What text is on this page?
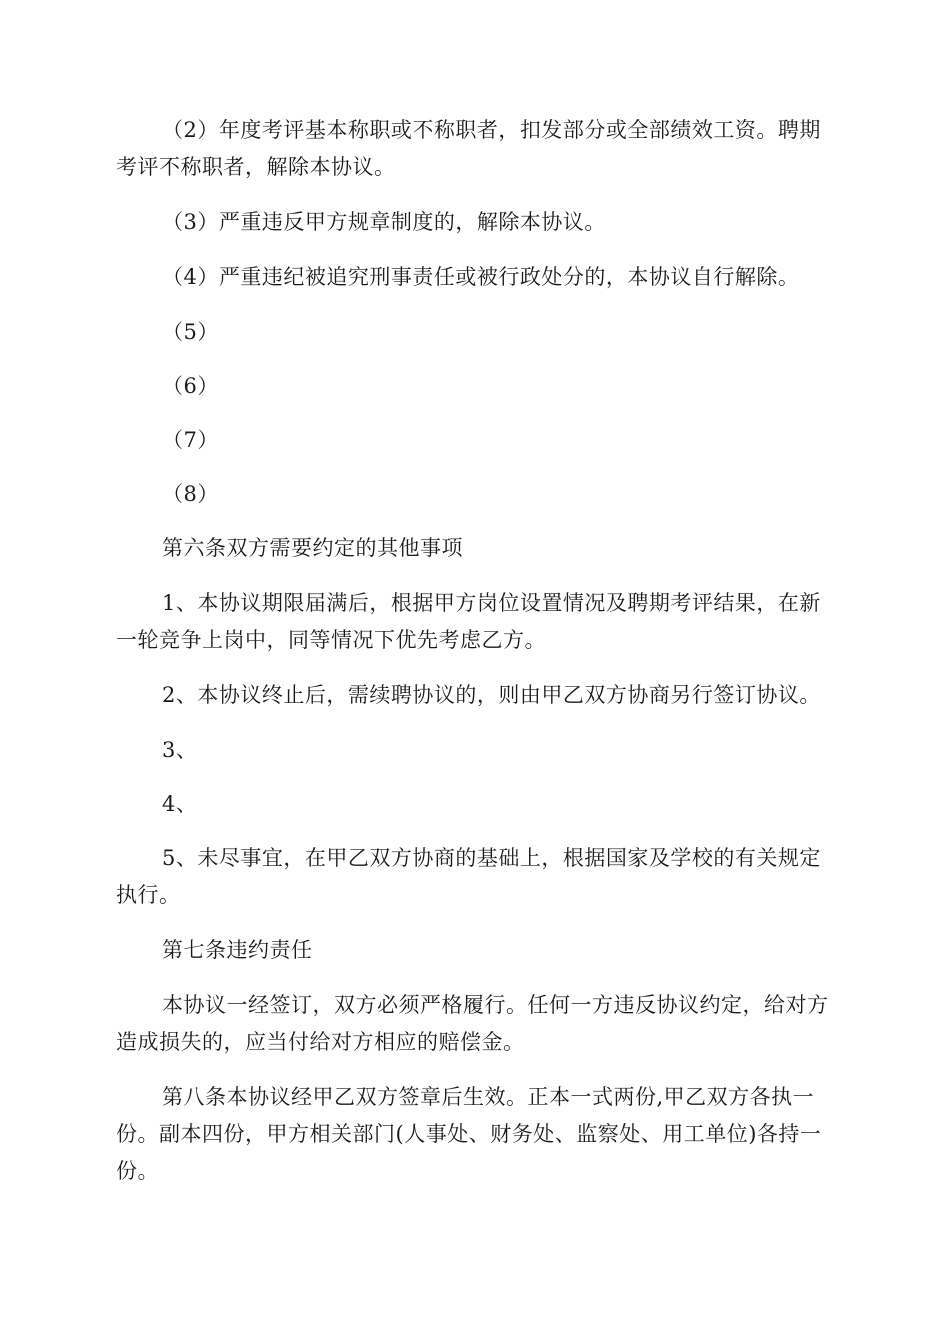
（2）年度考评基本称职或不称职者，扣发部分或全部绩效工资。聘期考评不称职者，解除本协议。

（3）严重违反甲方规章制度的，解除本协议。

（4）严重违纪被追究刑事责任或被行政处分的，本协议自行解除。

（5）

（6）

（7）

（8）

第六条双方需要约定的其他事项

1、本协议期限届满后，根据甲方岗位设置情况及聘期考评结果，在新一轮竞争上岗中，同等情况下优先考虑乙方。

2、本协议终止后，需续聘协议的，则由甲乙双方协商另行签订协议。

3、

4、

5、未尽事宜，在甲乙双方协商的基础上，根据国家及学校的有关规定执行。

第七条违约责任

本协议一经签订，双方必须严格履行。任何一方违反协议约定，给对方造成损失的，应当付给对方相应的赔偿金。

第八条本协议经甲乙双方签章后生效。正本一式两份,甲乙双方各执一份。副本四份，甲方相关部门(人事处、财务处、监察处、用工单位)各持一份。
